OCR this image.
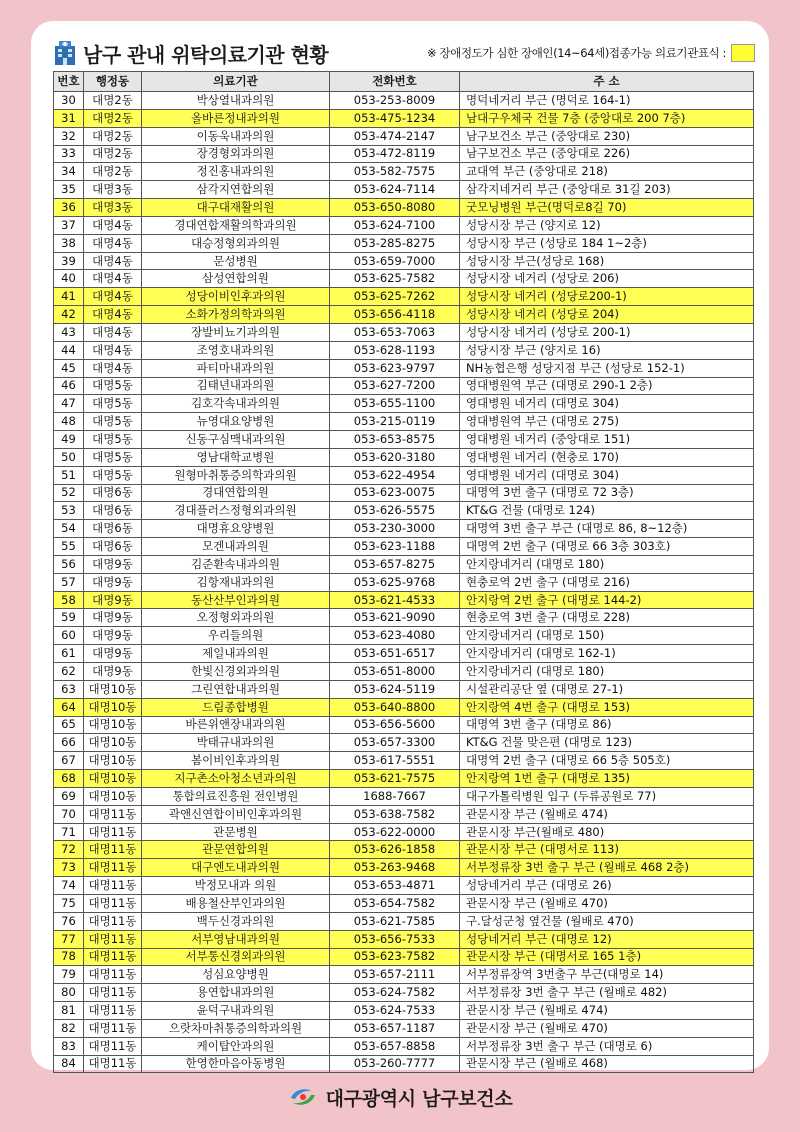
남구 관내 위탁의료기관 현황	※ 장애정도가 심한 장애인(14~64세)접종가능 의료기관표식 :
번호	행정동	의료기관	전화번호	주 소
30	대명2동	박상열내과의원	053-253-8009	명덕네거리 부근 (명덕로 164-1)
31	대명2동	올바른정내과의원	053-475-1234	남대구우체국 건물 7층 (중앙대로 200 7층)
32	대명2동	이동욱내과의원	053-474-2147	남구보건소 부근 (중앙대로 230)
33	대명2동	장경형외과의원	053-472-8119	남구보건소 부근 (중앙대로 226)
34	대명2동	정진홍내과의원	053-582-7575	교대역 부근 (중앙대로 218)
35	대명3동	삼각지연합의원	053-624-7114	삼각지네거리 부근 (중앙대로 31길 203)
36	대명3동	대구대재활의원	053-650-8080	굿모닝병원 부근(명덕로8길 70)
37	대명4동	경대연합재활의학과의원	053-624-7100	성당시장 부근 (양지로 12)
38	대명4동	대승정형외과의원	053-285-8275	성당시장 부근 (성당로 184 1~2층)
39	대명4동	문성병원	053-659-7000	성당시장 부근(성당로 168)
40	대명4동	삼성연합의원	053-625-7582	성당시장 네거리 (성당로 206)
41	대명4동	성당이비인후과의원	053-625-7262	성당시장 네거리 (성당로200-1)
42	대명4동	소화가정의학과의원	053-656-4118	성당시장 네거리 (성당로 204)
43	대명4동	장발비뇨기과의원	053-653-7063	성당시장 네거리 (성당로 200-1)
44	대명4동	조영호내과의원	053-628-1193	성당시장 부근 (양지로 16)
45	대명4동	파티마내과의원	053-623-9797	NH농협은행 성당지점 부근 (성당로 152-1)
46	대명5동	김태년내과의원	053-627-7200	영대병원역 부근 (대명로 290-1 2층)
47	대명5동	김호각속내과의원	053-655-1100	영대병원 네거리 (대명로 304)
48	대명5동	뉴영대요양병원	053-215-0119	영대병원역 부근 (대명로 275)
49	대명5동	신동구심맥내과의원	053-653-8575	영대병원 네거리 (중앙대로 151)
50	대명5동	영남대학교병원	053-620-3180	영대병원 네거리 (현충로 170)
51	대명5동	원형마취통증의학과의원	053-622-4954	영대병원 네거리 (대명로 304)
52	대명6동	경대연합의원	053-623-0075	대명역 3번 출구 (대명로 72 3층)
53	대명6동	경대플러스정형외과의원	053-626-5575	KT&G 건물 (대명로 124)
54	대명6동	대명휴요양병원	053-230-3000	대명역 3번 출구 부근 (대명로 86, 8~12층)
55	대명6동	모겐내과의원	053-623-1188	대명역 2번 출구 (대명로 66 3층 303호)
56	대명9동	김준환속내과의원	053-657-8275	안지랑네거리 (대명로 180)
57	대명9동	김항재내과의원	053-625-9768	현충로역 2번 출구 (대명로 216)
58	대명9동	동산산부인과의원	053-621-4533	안지랑역 2번 출구 (대명로 144-2)
59	대명9동	오정형외과의원	053-621-9090	현충로역 3번 출구 (대명로 228)
60	대명9동	우리들의원	053-623-4080	안지랑네거리 (대명로 150)
61	대명9동	제일내과의원	053-651-6517	안지랑네거리 (대명로 162-1)
62	대명9동	한빛신경외과의원	053-651-8000	안지랑네거리 (대명로 180)
63	대명10동	그린연합내과의원	053-624-5119	시설관리공단 옆 (대명로 27-1)
64	대명10동	드림종합병원	053-640-8800	안지랑역 4번 출구 (대명로 153)
65	대명10동	바른위앤장내과의원	053-656-5600	대명역 3번 출구 (대명로 86)
66	대명10동	박태규내과의원	053-657-3300	KT&G 건물 맞은편 (대명로 123)
67	대명10동	봄이비인후과의원	053-617-5551	대명역 2번 출구 (대명로 66 5층 505호)
68	대명10동	지구촌소아청소년과의원	053-621-7575	안지랑역 1번 출구 (대명로 135)
69	대명10동	통합의료진흥원 전인병원	1688-7667	대구가톨릭병원 입구 (두류공원로 77)
70	대명11동	곽앤신연합이비인후과의원	053-638-7582	관문시장 부근 (월배로 474)
71	대명11동	관문병원	053-622-0000	관문시장 부근(월배로 480)
72	대명11동	관문연합의원	053-626-1858	관문시장 부근 (대명서로 113)
73	대명11동	대구엔도내과의원	053-263-9468	서부정류장 3번 출구 부근 (월배로 468 2층)
74	대명11동	박정모내과 의원	053-653-4871	성당네거리 부근 (대명로 26)
75	대명11동	배용철산부인과의원	053-654-7582	관문시장 부근 (월배로 470)
76	대명11동	백두신경과의원	053-621-7585	구.달성군청 옆건물 (월배로 470)
77	대명11동	서부영남내과의원	053-656-7533	성당네거리 부근 (대명로 12)
78	대명11동	서부통신경외과의원	053-623-7582	관문시장 부근 (대명서로 165 1층)
79	대명11동	성심요양병원	053-657-2111	서부정류장역 3번출구 부근(대명로 14)
80	대명11동	용연합내과의원	053-624-7582	서부정류장 3번 출구 부근 (월배로 482)
81	대명11동	윤덕구내과의원	053-624-7533	관문시장 부근 (월배로 474)
82	대명11동	으랏차마취통증의학과의원	053-657-1187	관문시장 부근 (월배로 470)
83	대명11동	케이탑안과의원	053-657-8858	서부정류장 3번 출구 부근 (대명로 6)
84	대명11동	한영한마음아동병원	053-260-7777	관문시장 부근 (월배로 468)
대구광역시 남구보건소
